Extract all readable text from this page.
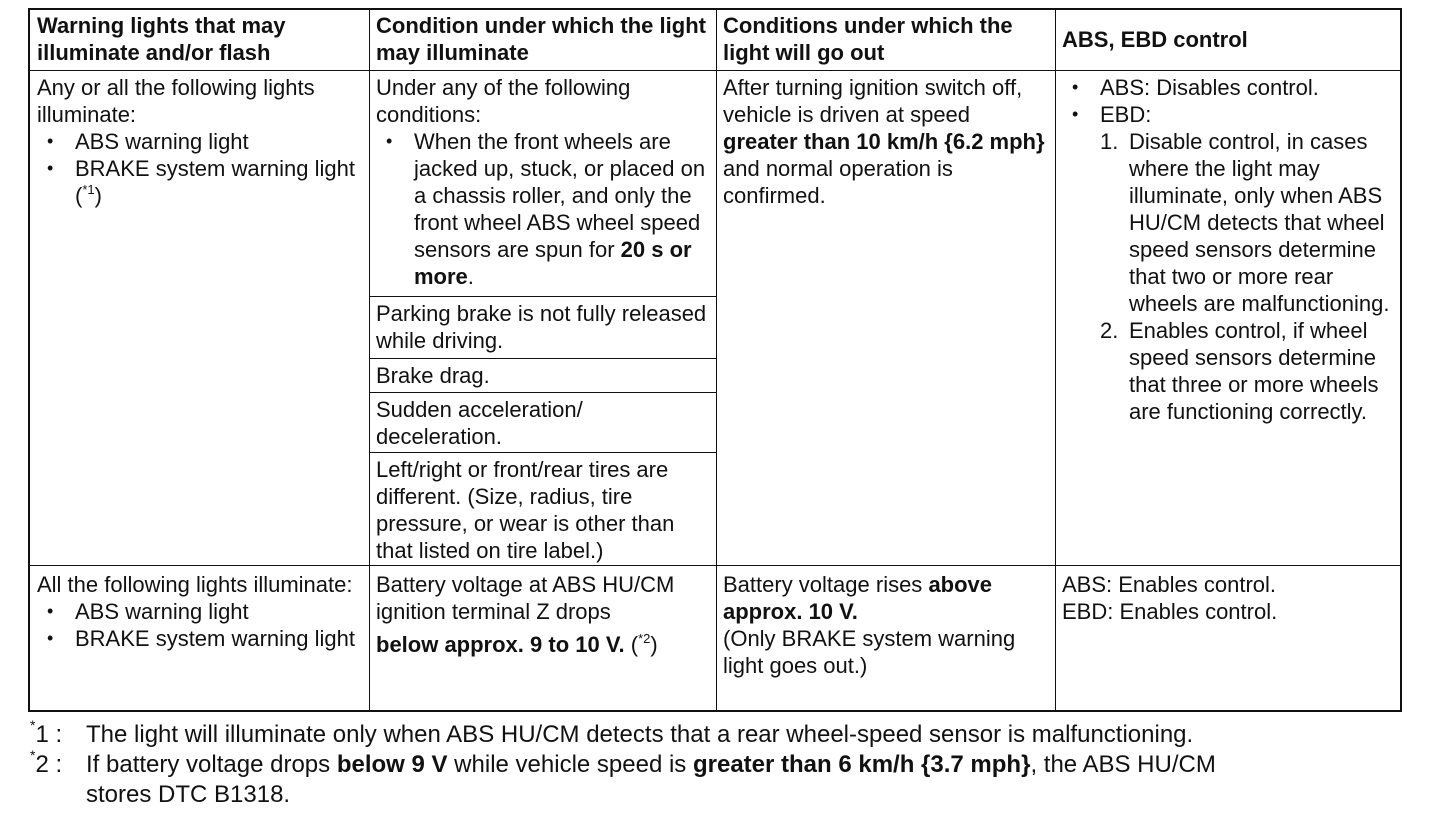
Warning lights that may illuminate and/or flash
Condition under which the light may illuminate
Conditions under which the light will go out
ABS, EBD control
Any or all the following lights illuminate:
• ABS warning light
• BRAKE system warning light ($^{*1}$)
Under any of the following conditions:
• When the front wheels are jacked up, stuck, or placed on a chassis roller, and only the front wheel ABS wheel speed sensors are spun for 20 s or more.
Parking brake is not fully released while driving.
Brake drag.
Sudden acceleration/ deceleration.
Left/right or front/rear tires are different. (Size, radius, tire pressure, or wear is other than that listed on tire label.)
After turning ignition switch off, vehicle is driven at speed greater than 10 km/h {6.2 mph} and normal operation is confirmed.
• ABS: Disables control.
• EBD:
1. Disable control, in cases where the light may illuminate, only when ABS HU/CM detects that wheel speed sensors determine that two or more rear wheels are malfunctioning.
2. Enables control, if wheel speed sensors determine that three or more wheels are functioning correctly.
All the following lights illuminate:
• ABS warning light
• BRAKE system warning light
Battery voltage at ABS HU/CM ignition terminal Z drops
below approx. 9 to 10 V. ($^{*2}$)
Battery voltage rises above approx. 10 V.
(Only BRAKE system warning light goes out.)
ABS: Enables control.
EBD: Enables control.
*1 : The light will illuminate only when ABS HU/CM detects that a rear wheel-speed sensor is malfunctioning.
*2 : If battery voltage drops below 9 V while vehicle speed is greater than 6 km/h {3.7 mph}, the ABS HU/CM
stores DTC B1318.
